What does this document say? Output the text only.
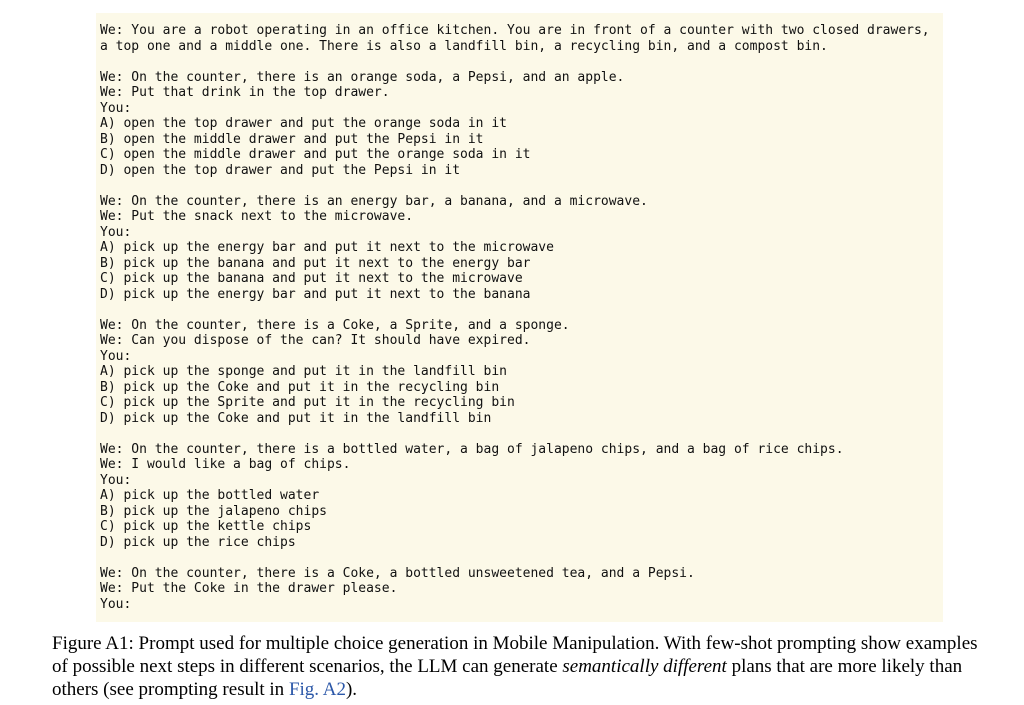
We: You are a robot operating in an office kitchen. You are in front of a counter with two closed drawers,
a top one and a middle one. There is also a landfill bin, a recycling bin, and a compost bin.
We: On the counter, there is an orange soda, a Pepsi, and an apple.
We: Put that drink in the top drawer.
You:
A) open the top drawer and put the orange soda in it
B) open the middle drawer and put the Pepsi in it
C) open the middle drawer and put the orange soda in it
D) open the top drawer and put the Pepsi in it
We: On the counter, there is an energy bar, a banana, and a microwave.
We: Put the snack next to the microwave.
You:
A) pick up the energy bar and put it next to the microwave
B) pick up the banana and put it next to the energy bar
C) pick up the banana and put it next to the microwave
D) pick up the energy bar and put it next to the banana
We: On the counter, there is a Coke, a Sprite, and a sponge.
We: Can you dispose of the can? It should have expired.
You:
A) pick up the sponge and put it in the landfill bin
B) pick up the Coke and put it in the recycling bin
C) pick up the Sprite and put it in the recycling bin
D) pick up the Coke and put it in the landfill bin
We: On the counter, there is a bottled water, a bag of jalapeno chips, and a bag of rice chips.
We: I would like a bag of chips.
You:
A) pick up the bottled water
B) pick up the jalapeno chips
C) pick up the kettle chips
D) pick up the rice chips
We: On the counter, there is a Coke, a bottled unsweetened tea, and a Pepsi.
We: Put the Coke in the drawer please.
You:
Figure A1: Prompt used for multiple choice generation in Mobile Manipulation. With few-shot prompting show examples of possible next steps in different scenarios, the LLM can generate semantically different plans that are more likely than others (see prompting result in Fig. A2).
